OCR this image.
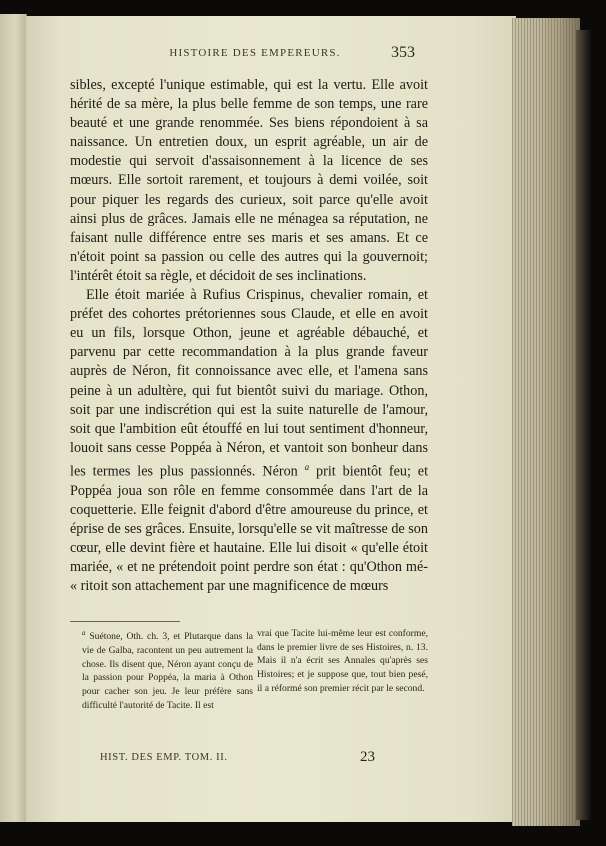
HISTOIRE DES EMPEREURS.	353

sibles, excepté l'unique estimable, qui est la vertu. Elle avoit hérité de sa mère, la plus belle femme de son temps, une rare beauté et une grande renommée. Ses biens répondoient à sa naissance. Un entretien doux, un esprit agréable, un air de modestie qui servoit d'assaisonnement à la licence de ses mœurs. Elle sortoit rarement, et toujours à demi voilée, soit pour piquer les regards des curieux, soit parce qu'elle avoit ainsi plus de grâces. Jamais elle ne ménagea sa réputation, ne faisant nulle différence entre ses maris et ses amans. Et ce n'étoit point sa passion ou celle des autres qui la gouvernoit; l'intérêt étoit sa règle, et décidoit de ses inclinations.

Elle étoit mariée à Rufius Crispinus, chevalier romain, et préfet des cohortes prétoriennes sous Claude, et elle en avoit eu un fils, lorsque Othon, jeune et agréable débauché, et parvenu par cette recommandation à la plus grande faveur auprès de Néron, fit connoissance avec elle, et l'amena sans peine à un adultère, qui fut bientôt suivi du mariage. Othon, soit par une indiscrétion qui est la suite naturelle de l'amour, soit que l'ambition eût étouffé en lui tout sentiment d'honneur, louoit sans cesse Poppéa à Néron, et vantoit son bonheur dans les termes les plus passionnés. Néron $^a$ prit bientôt feu; et Poppéa joua son rôle en femme consommée dans l'art de la coquetterie. Elle feignit d'abord d'être amoureuse du prince, et éprise de ses grâces. Ensuite, lorsqu'elle se vit maîtresse de son cœur, elle devint fière et hautaine. Elle lui disoit « qu'elle étoit mariée, « et ne prétendoit point perdre son état : qu'Othon mé- « ritoit son attachement par une magnificence de mœurs

$^a$ Suétone, Oth. ch. 3, et Plutarque dans la vie de Galba, racontent un peu autrement la chose. Ils disent que, Néron ayant conçu de la passion pour Poppéa, la maria à Othon pour cacher son jeu. Je leur préfère sans difficulté l'autorité de Tacite. Il est
vrai que Tacite lui-même leur est conforme, dans le premier livre de ses Histoires, n. 13. Mais il n'a écrit ses Annales qu'après ses Histoires; et je suppose que, tout bien pesé, il a réformé son premier récit par le second.
HIST. DES EMP. TOM. II.	23
